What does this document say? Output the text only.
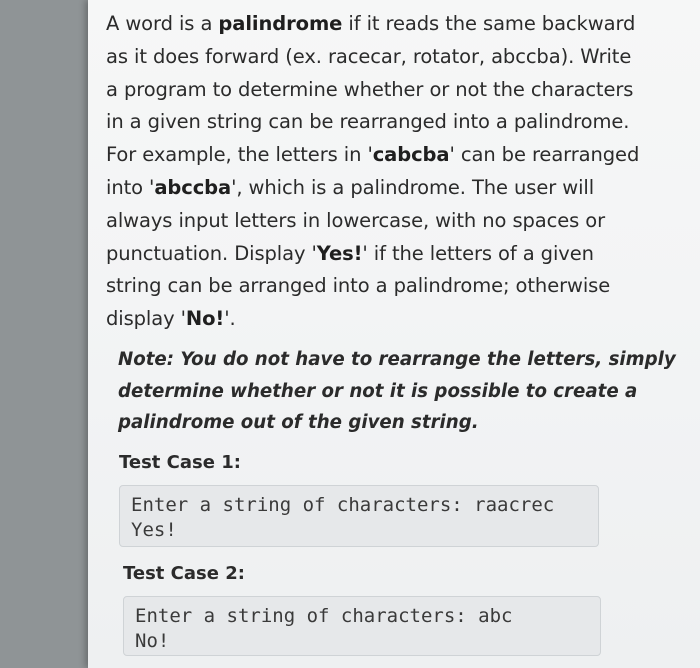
A word is a palindrome if it reads the same backward
as it does forward (ex. racecar, rotator, abccba). Write
a program to determine whether or not the characters
in a given string can be rearranged into a palindrome.
For example, the letters in 'cabcba' can be rearranged
into 'abccba', which is a palindrome. The user will
always input letters in lowercase, with no spaces or
punctuation. Display 'Yes!' if the letters of a given
string can be arranged into a palindrome; otherwise
display 'No!'.

Note: You do not have to rearrange the letters, simply
determine whether or not it is possible to create a
palindrome out of the given string.

Test Case 1:
Enter a string of characters: raacrec
Yes!
Test Case 2:
Enter a string of characters: abc
No!
